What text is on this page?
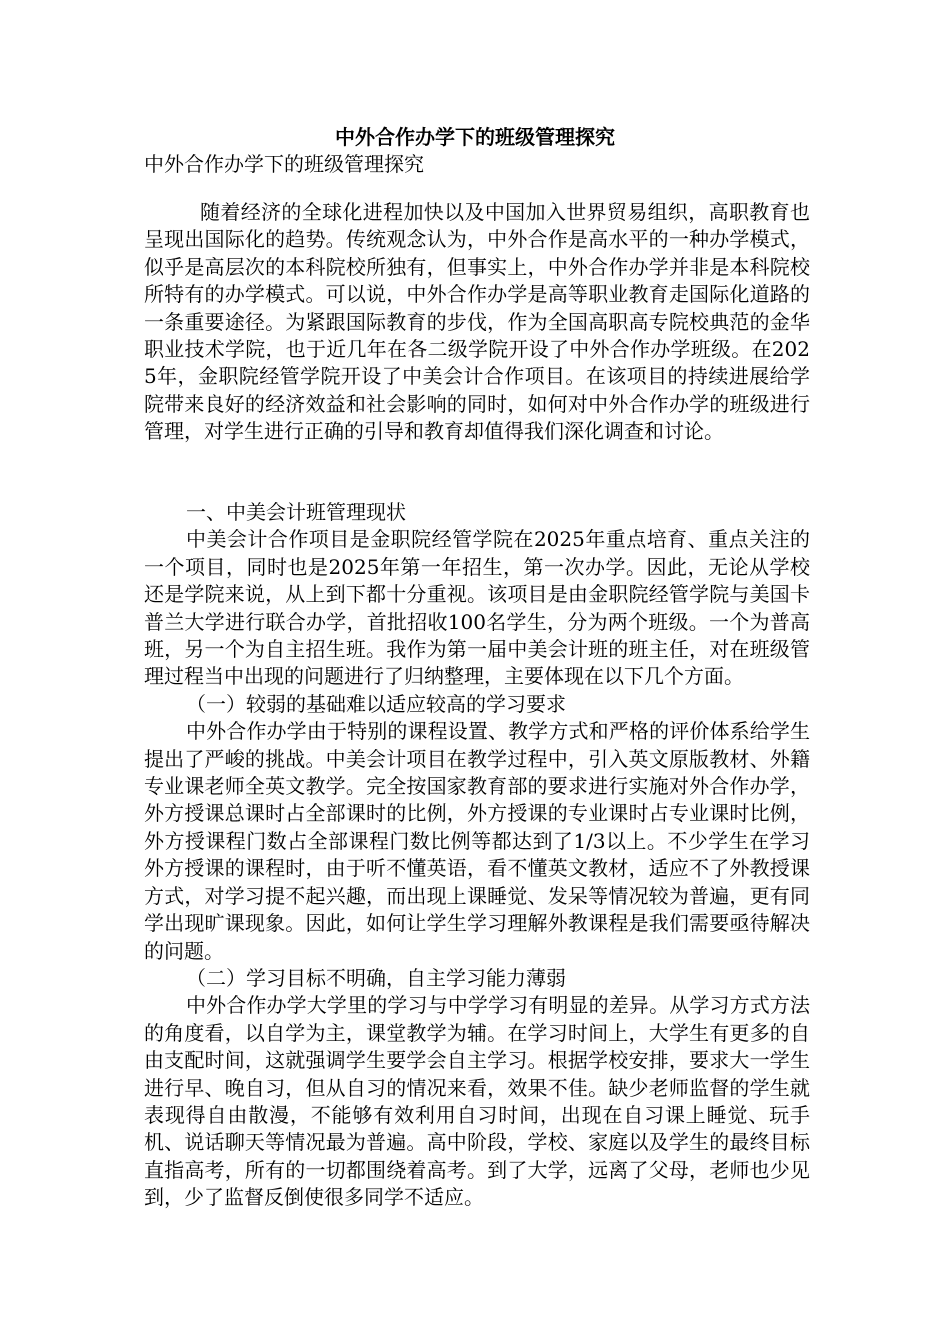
中外合作办学下的班级管理探究

中外合作办学下的班级管理探究

随着经济的全球化进程加快以及中国加入世界贸易组织，高职教育也呈现出国际化的趋势。传统观念认为，中外合作是高水平的一种办学模式，似乎是高层次的本科院校所独有，但事实上，中外合作办学并非是本科院校所特有的办学模式。可以说，中外合作办学是高等职业教育走国际化道路的一条重要途径。为紧跟国际教育的步伐，作为全国高职高专院校典范的金华职业技术学院，也于近几年在各二级学院开设了中外合作办学班级。在2025年，金职院经管学院开设了中美会计合作项目。在该项目的持续进展给学院带来良好的经济效益和社会影响的同时，如何对中外合作办学的班级进行管理，对学生进行正确的引导和教育却值得我们深化调查和讨论。

一、中美会计班管理现状

中美会计合作项目是金职院经管学院在2025年重点培育、重点关注的一个项目，同时也是2025年第一年招生，第一次办学。因此，无论从学校还是学院来说，从上到下都十分重视。该项目是由金职院经管学院与美国卡普兰大学进行联合办学，首批招收100名学生，分为两个班级。一个为普高班，另一个为自主招生班。我作为第一届中美会计班的班主任，对在班级管理过程当中出现的问题进行了归纳整理，主要体现在以下几个方面。

（一）较弱的基础难以适应较高的学习要求

中外合作办学由于特别的课程设置、教学方式和严格的评价体系给学生提出了严峻的挑战。中美会计项目在教学过程中，引入英文原版教材、外籍专业课老师全英文教学。完全按国家教育部的要求进行实施对外合作办学，外方授课总课时占全部课时的比例，外方授课的专业课时占专业课时比例，外方授课程门数占全部课程门数比例等都达到了1/3以上。不少学生在学习外方授课的课程时，由于听不懂英语，看不懂英文教材，适应不了外教授课方式，对学习提不起兴趣，而出现上课睡觉、发呆等情况较为普遍，更有同学出现旷课现象。因此，如何让学生学习理解外教课程是我们需要亟待解决的问题。

（二）学习目标不明确，自主学习能力薄弱

中外合作办学大学里的学习与中学学习有明显的差异。从学习方式方法的角度看，以自学为主，课堂教学为辅。在学习时间上，大学生有更多的自由支配时间，这就强调学生要学会自主学习。根据学校安排，要求大一学生进行早、晚自习，但从自习的情况来看，效果不佳。缺少老师监督的学生就表现得自由散漫，不能够有效利用自习时间，出现在自习课上睡觉、玩手机、说话聊天等情况最为普遍。高中阶段，学校、家庭以及学生的最终目标直指高考，所有的一切都围绕着高考。到了大学，远离了父母，老师也少见到，少了监督反倒使很多同学不适应。
